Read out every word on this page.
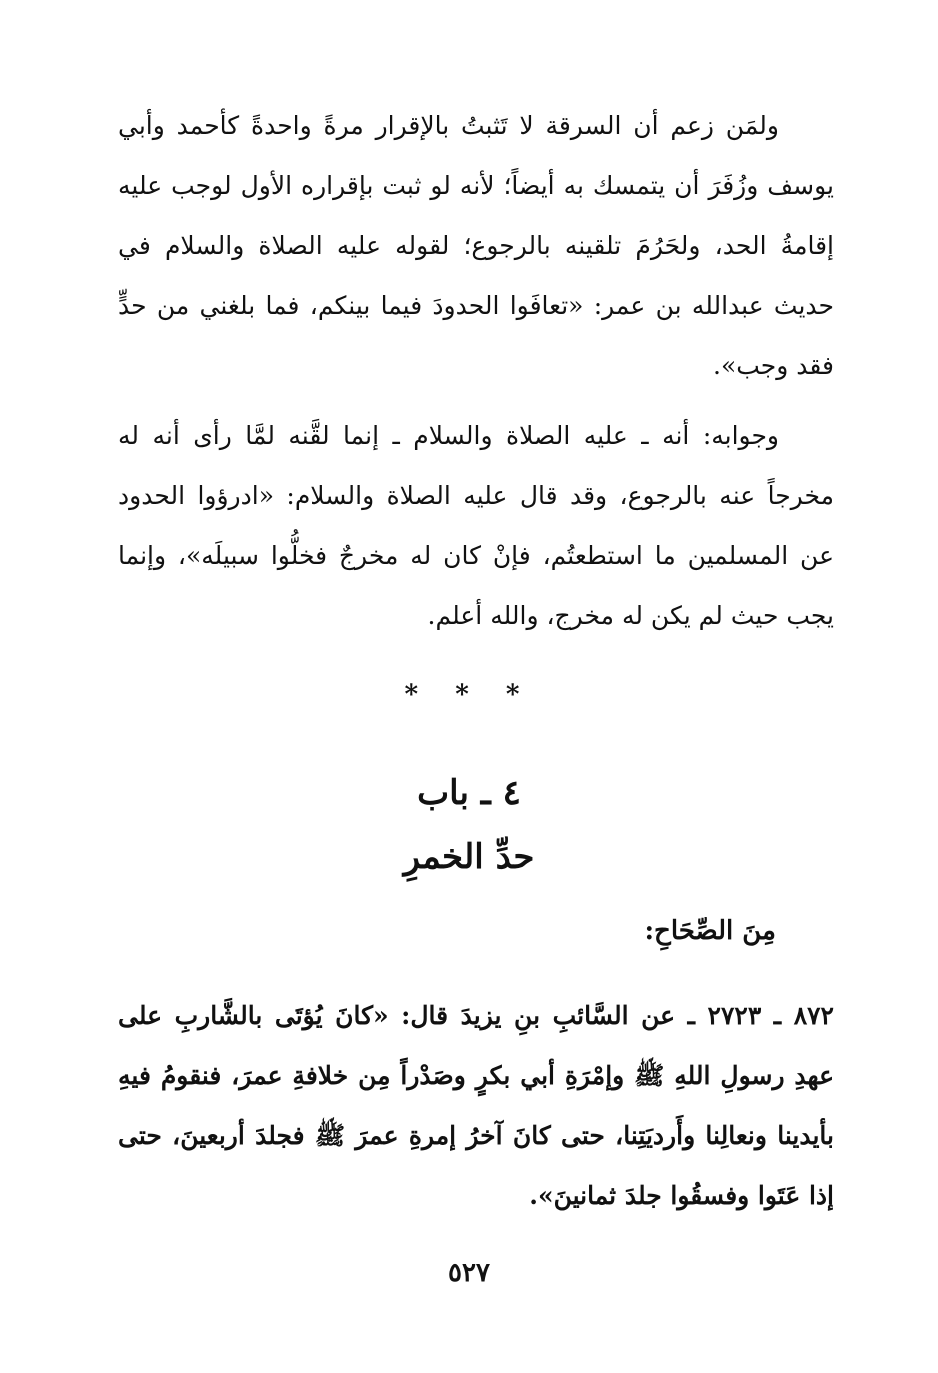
ولمَن زعم أن السرقة لا تَثبتُ بالإقرار مرةً واحدةً كأحمد وأبي يوسف وزُفَرَ أن يتمسك به أيضاً؛ لأنه لو ثبت بإقراره الأول لوجب عليه إقامةُ الحد، ولحَرُمَ تلقينه بالرجوع؛ لقوله عليه الصلاة والسلام في حديث عبدالله بن عمر: «تعافَوا الحدودَ فيما بينكم، فما بلغني من حدٍّ فقد وجب».

وجوابه: أنه ـ عليه الصلاة والسلام ـ إنما لقَّنه لمَّا رأى أنه له مخرجاً عنه بالرجوع، وقد قال عليه الصلاة والسلام: «ادرؤوا الحدود عن المسلمين ما استطعتُم، فإنْ كان له مخرجٌ فخلُّوا سبيلَه»، وإنما يجب حيث لم يكن له مخرج، والله أعلم.

* * *
٤ ـ باب
حدِّ الخمرِ
مِنَ الصِّحَاحِ:

٨٧٢ ـ ٢٧٢٣ ـ عن السَّائبِ بنِ يزيدَ قال: «كانَ يُؤتَى بالشَّاربِ على عهدِ رسولِ اللهِ ﷺ وإمْرَةِ أبي بكرٍ وصَدْراً مِن خلافةِ عمرَ، فنقومُ فيهِ بأيدينا ونعالِنا وأَرديَتِنا، حتى كانَ آخرُ إمرةِ عمرَ ﷺ فجلدَ أربعينَ، حتى إذا عَتَوا وفسقُوا جلدَ ثمانينَ».

٥٢٧
